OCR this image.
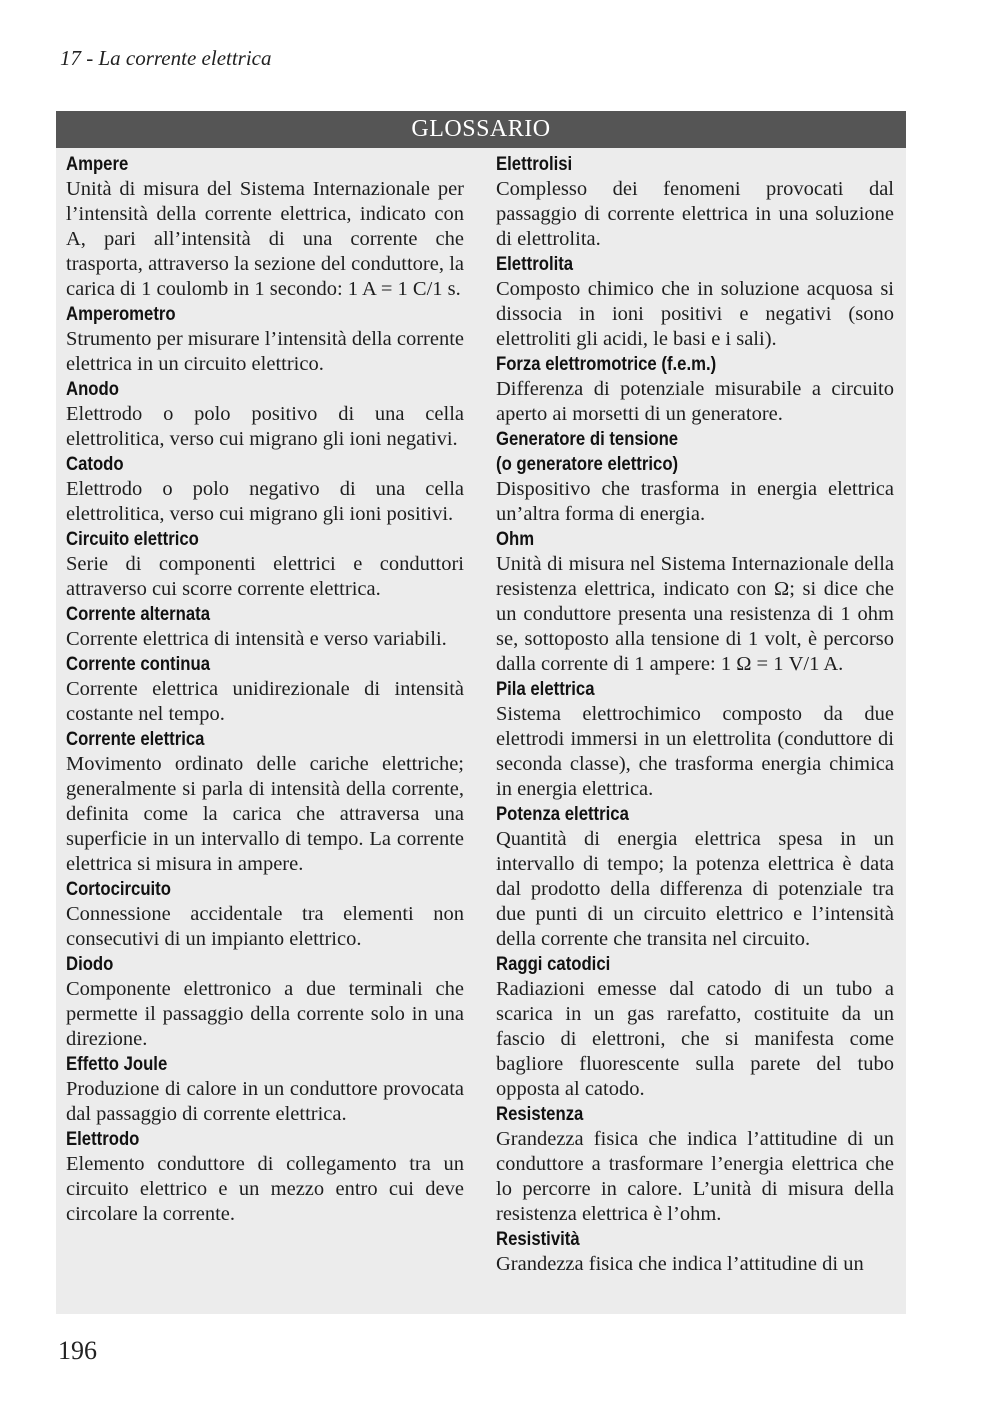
17 - La corrente elettrica
GLOSSARIO
Ampere
Unità di misura del Sistema Internazionale per l’intensità della corrente elettrica, indicato con A, pari all’intensità di una corrente che trasporta, attraverso la sezione del conduttore, la carica di 1 coulomb in 1 secondo: 1 A = 1 C/1 s.
Amperometro
Strumento per misurare l’intensità della corrente elettrica in un circuito elettrico.
Anodo
Elettrodo o polo positivo di una cella elettrolitica, verso cui migrano gli ioni negativi.
Catodo
Elettrodo o polo negativo di una cella elettrolitica, verso cui migrano gli ioni positivi.
Circuito elettrico
Serie di componenti elettrici e conduttori attraverso cui scorre corrente elettrica.
Corrente alternata
Corrente elettrica di intensità e verso variabili.
Corrente continua
Corrente elettrica unidirezionale di intensità costante nel tempo.
Corrente elettrica
Movimento ordinato delle cariche elettriche; generalmente si parla di intensità della corrente, definita come la carica che attraversa una superficie in un intervallo di tempo. La corrente elettrica si misura in ampere.
Cortocircuito
Connessione accidentale tra elementi non consecutivi di un impianto elettrico.
Diodo
Componente elettronico a due terminali che permette il passaggio della corrente solo in una direzione.
Effetto Joule
Produzione di calore in un conduttore provocata dal passaggio di corrente elettrica.
Elettrodo
Elemento conduttore di collegamento tra un circuito elettrico e un mezzo entro cui deve circolare la corrente.
Elettrolisi
Complesso dei fenomeni provocati dal passaggio di corrente elettrica in una soluzione di elettrolita.
Elettrolita
Composto chimico che in soluzione acquosa si dissocia in ioni positivi e negativi (sono elettroliti gli acidi, le basi e i sali).
Forza elettromotrice (f.e.m.)
Differenza di potenziale misurabile a circuito aperto ai morsetti di un generatore.
Generatore di tensione
(o generatore elettrico)
Dispositivo che trasforma in energia elettrica un’altra forma di energia.
Ohm
Unità di misura nel Sistema Internazionale della resistenza elettrica, indicato con Ω; si dice che un conduttore presenta una resistenza di 1 ohm se, sottoposto alla tensione di 1 volt, è percorso dalla corrente di 1 ampere: 1 Ω = 1 V/1 A.
Pila elettrica
Sistema elettrochimico composto da due elettrodi immersi in un elettrolita (conduttore di seconda classe), che trasforma energia chimica in energia elettrica.
Potenza elettrica
Quantità di energia elettrica spesa in un intervallo di tempo; la potenza elettrica è data dal prodotto della differenza di potenziale tra due punti di un circuito elettrico e l’intensità della corrente che transita nel circuito.
Raggi catodici
Radiazioni emesse dal catodo di un tubo a scarica in un gas rarefatto, costituite da un fascio di elettroni, che si manifesta come bagliore fluorescente sulla parete del tubo opposta al catodo.
Resistenza
Grandezza fisica che indica l’attitudine di un conduttore a trasformare l’energia elettrica che lo percorre in calore. L’unità di misura della resistenza elettrica è l’ohm.
Resistività
Grandezza fisica che indica l’attitudine di un
196
